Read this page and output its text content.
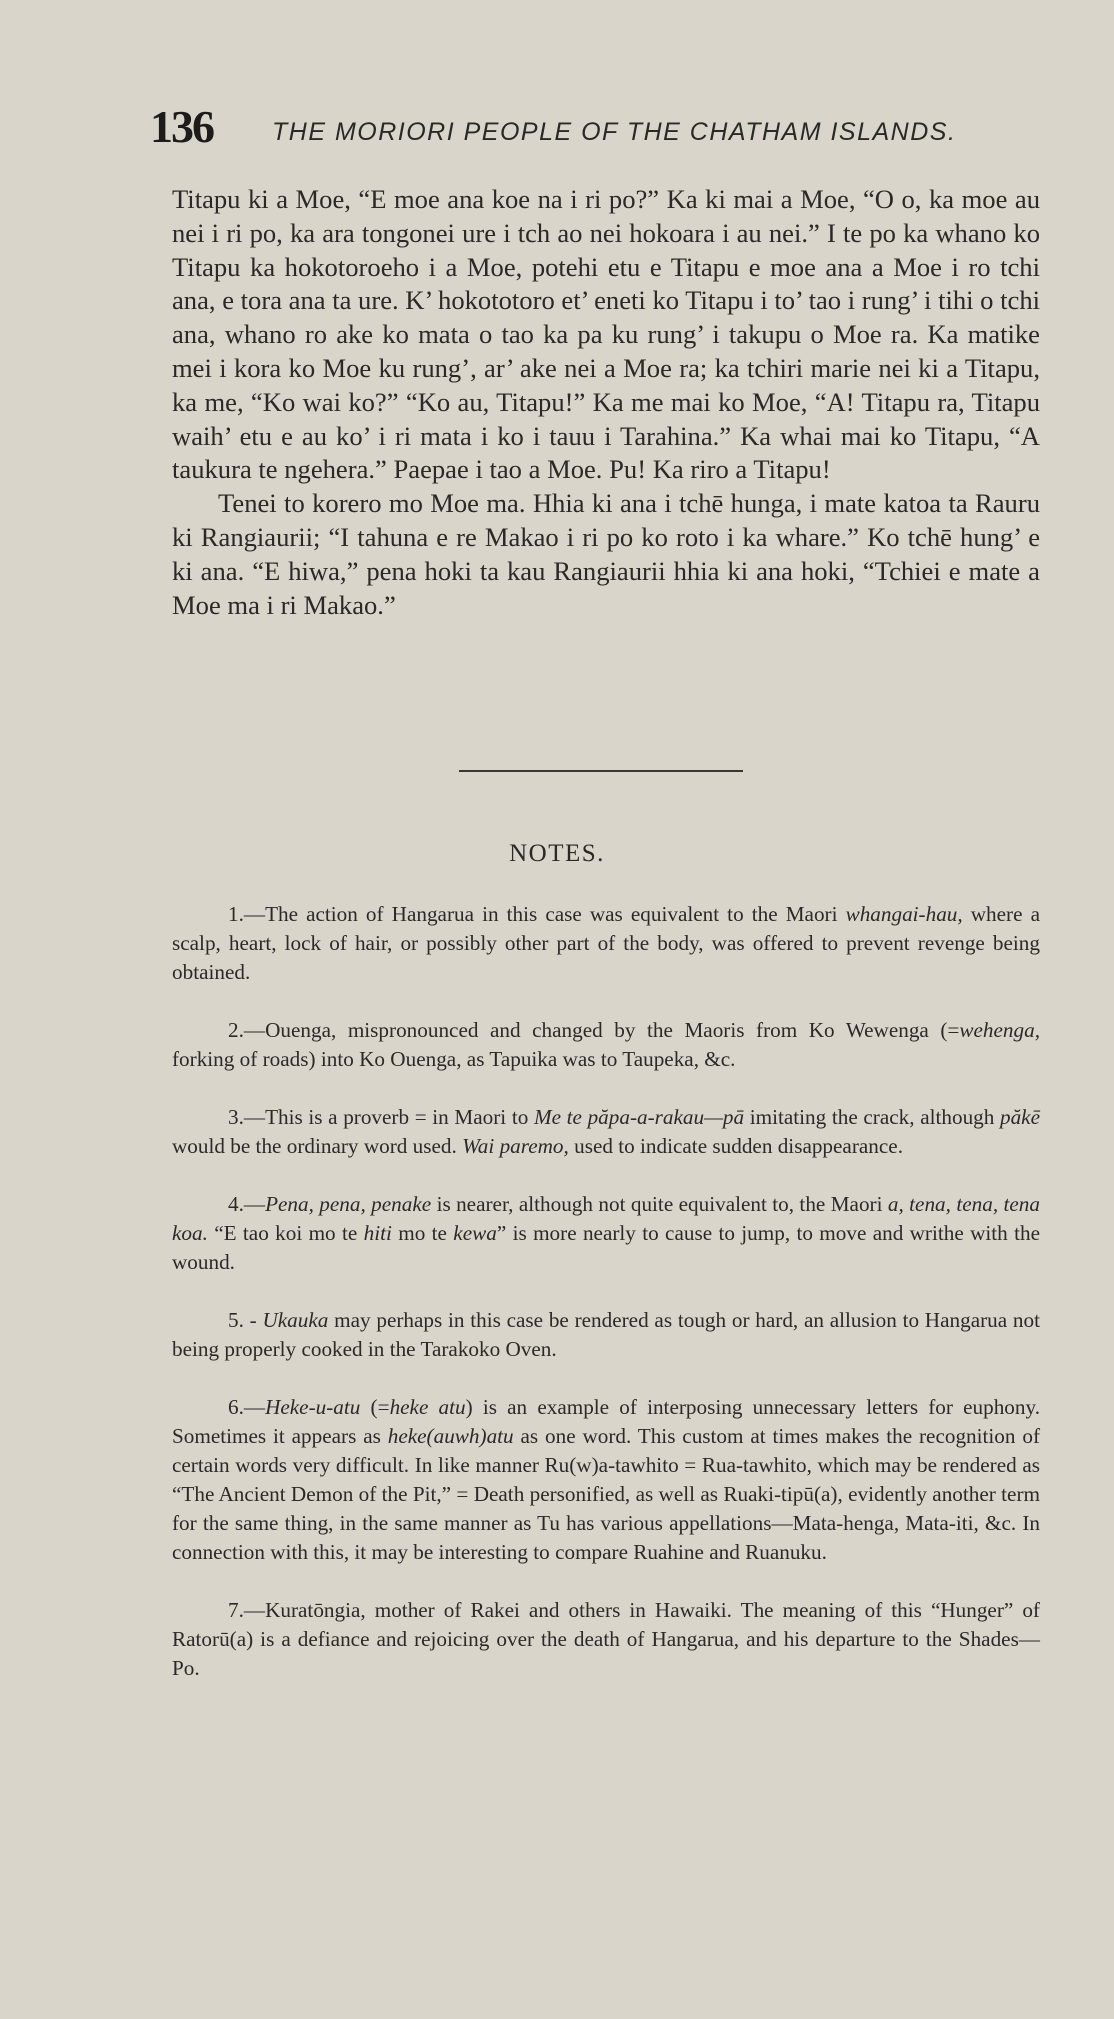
136 THE MORIORI PEOPLE OF THE CHATHAM ISLANDS.

Titapu ki a Moe, “E moe ana koe na i ri po?” Ka ki mai a Moe, “O o, ka moe au nei i ri po, ka ara tongonei ure i tch ao nei hokoara i au nei.” I te po ka whano ko Titapu ka hokotoroeho i a Moe, potehi etu e Titapu e moe ana a Moe i ro tchi ana, e tora ana ta ure. K’ hokototoro et’ eneti ko Titapu i to’ tao i rung’ i tihi o tchi ana, whano ro ake ko mata o tao ka pa ku rung’ i takupu o Moe ra. Ka matike mei i kora ko Moe ku rung’, ar’ ake nei a Moe ra; ka tchiri marie nei ki a Titapu, ka me, “Ko wai ko?” “Ko au, Titapu!” Ka me mai ko Moe, “A! Titapu ra, Titapu waih’ etu e au ko’ i ri mata i ko i tauu i Tarahina.” Ka whai mai ko Titapu, “A taukura te ngehera.” Paepae i tao a Moe. Pu! Ka riro a Titapu!

Tenei to korero mo Moe ma. Hhia ki ana i tchē hunga, i mate katoa ta Rauru ki Rangiaurii; “I tahuna e re Makao i ri po ko roto i ka whare.” Ko tchē hung’ e ki ana. “E hiwa,” pena hoki ta kau Rangiaurii hhia ki ana hoki, “Tchiei e mate a Moe ma i ri Makao.”

NOTES.

1.—The action of Hangarua in this case was equivalent to the Maori whangai-hau, where a scalp, heart, lock of hair, or possibly other part of the body, was offered to prevent revenge being obtained.

2.—Ouenga, mispronounced and changed by the Maoris from Ko Wewenga (=wehenga, forking of roads) into Ko Ouenga, as Tapuika was to Taupeka, &c.

3.—This is a proverb = in Maori to Me te păpa-a-rakau—pā imitating the crack, although păkē would be the ordinary word used. Wai paremo, used to indicate sudden disappearance.

4.—Pena, pena, penake is nearer, although not quite equivalent to, the Maori a, tena, tena, tena koa. “E tao koi mo te hiti mo te kewa” is more nearly to cause to jump, to move and writhe with the wound.

5. - Ukauka may perhaps in this case be rendered as tough or hard, an allusion to Hangarua not being properly cooked in the Tarakoko Oven.

6.—Heke-u-atu (=heke atu) is an example of interposing unnecessary letters for euphony. Sometimes it appears as heke(auwh)atu as one word. This custom at times makes the recognition of certain words very difficult. In like manner Ru(w)a-tawhito = Rua-tawhito, which may be rendered as “The Ancient Demon of the Pit,” = Death personified, as well as Ruaki-tipū(a), evidently another term for the same thing, in the same manner as Tu has various appellations—Mata-henga, Mata-iti, &c. In connection with this, it may be interesting to compare Ruahine and Ruanuku.

7.—Kuratōngia, mother of Rakei and others in Hawaiki. The meaning of this “Hunger” of Ratorū(a) is a defiance and rejoicing over the death of Hangarua, and his departure to the Shades—Po.
